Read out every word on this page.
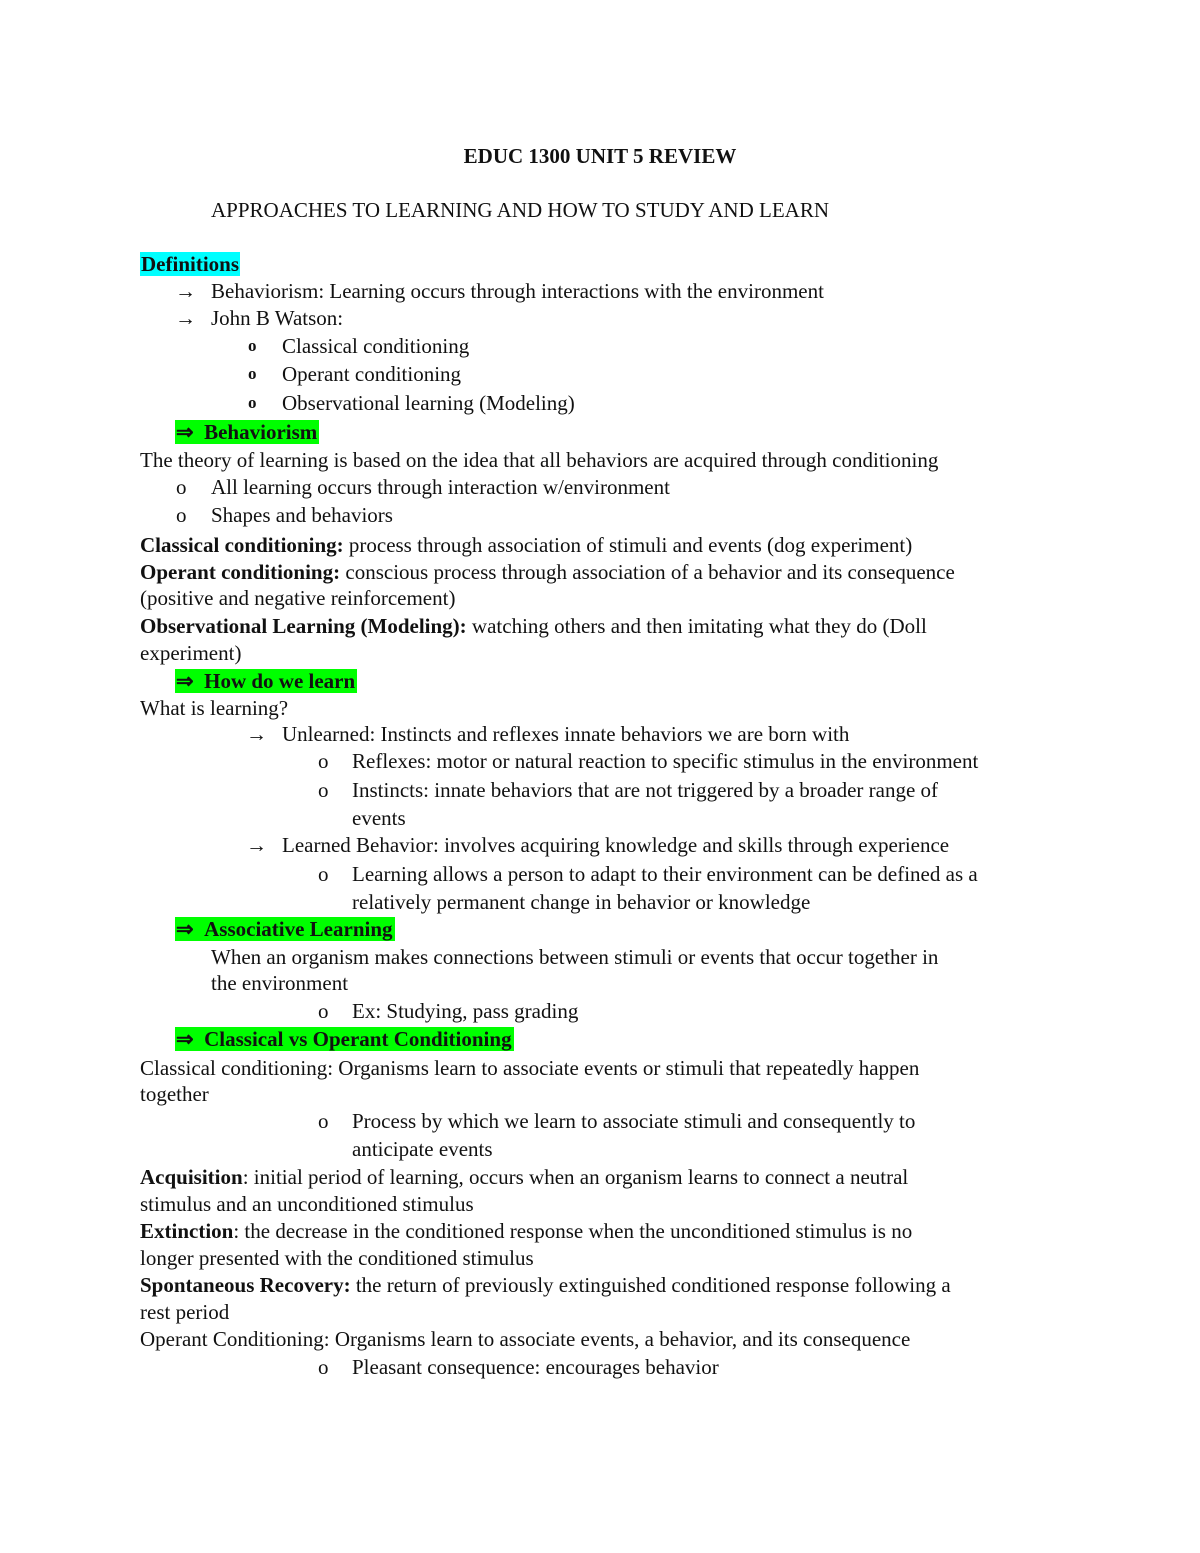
EDUC 1300 UNIT 5 REVIEW
APPROACHES TO LEARNING AND HOW TO STUDY AND LEARN
Definitions
→ Behaviorism: Learning occurs through interactions with the environment
→ John B Watson:
o Classical conditioning
o Operant conditioning
o Observational learning (Modeling)
⇒ Behaviorism
The theory of learning is based on the idea that all behaviors are acquired through conditioning
o All learning occurs through interaction w/environment
o Shapes and behaviors
Classical conditioning: process through association of stimuli and events (dog experiment)
Operant conditioning: conscious process through association of a behavior and its consequence
(positive and negative reinforcement)
Observational Learning (Modeling): watching others and then imitating what they do (Doll
experiment)
⇒ How do we learn
What is learning?
→ Unlearned: Instincts and reflexes innate behaviors we are born with
o Reflexes: motor or natural reaction to specific stimulus in the environment
o Instincts: innate behaviors that are not triggered by a broader range of
events
→ Learned Behavior: involves acquiring knowledge and skills through experience
o Learning allows a person to adapt to their environment can be defined as a
relatively permanent change in behavior or knowledge
⇒ Associative Learning
When an organism makes connections between stimuli or events that occur together in
the environment
o Ex: Studying, pass grading
⇒ Classical vs Operant Conditioning
Classical conditioning: Organisms learn to associate events or stimuli that repeatedly happen
together
o Process by which we learn to associate stimuli and consequently to
anticipate events
Acquisition: initial period of learning, occurs when an organism learns to connect a neutral
stimulus and an unconditioned stimulus
Extinction: the decrease in the conditioned response when the unconditioned stimulus is no
longer presented with the conditioned stimulus
Spontaneous Recovery: the return of previously extinguished conditioned response following a
rest period
Operant Conditioning: Organisms learn to associate events, a behavior, and its consequence
o Pleasant consequence: encourages behavior
